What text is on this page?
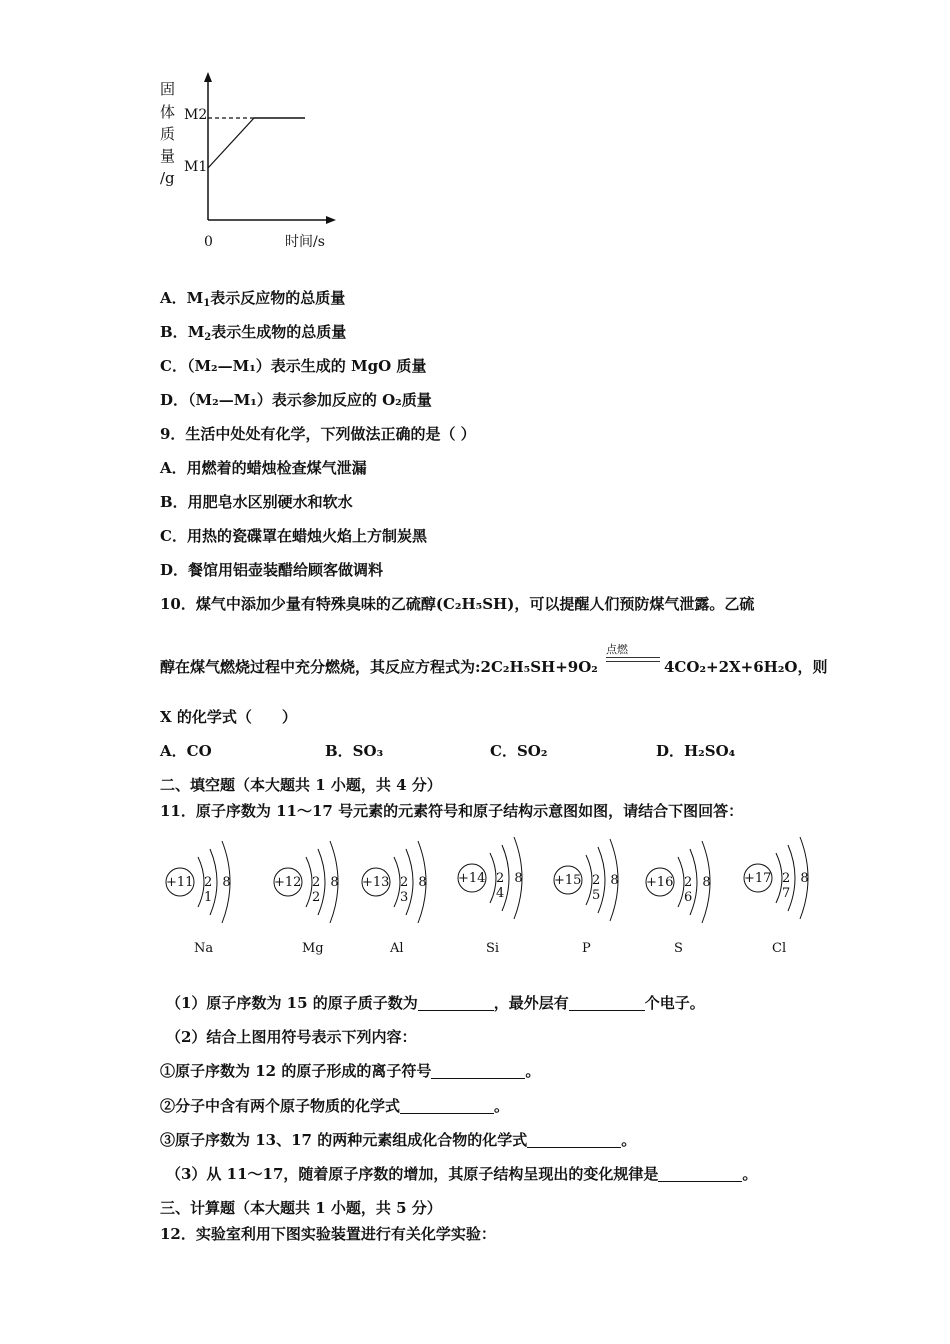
固
体
质
量
/g
M2
M1
0	时间/s
A．$M_1$表示反应物的总质量
B．$M_2$表示生成物的总质量
C．（M₂—M₁）表示生成的 MgO 质量
D．（M₂—M₁）表示参加反应的 O₂质量
9．生活中处处有化学，下列做法正确的是（ ）
A．用燃着的蜡烛检查煤气泄漏
B．用肥皂水区别硬水和软水
C．用热的瓷碟罩在蜡烛火焰上方制炭黑
D．餐馆用铝壶装醋给顾客做调料
10．煤气中添加少量有特殊臭味的乙硫醇(C₂H₅SH)，可以提醒人们预防煤气泄露。乙硫
醇在煤气燃烧过程中充分燃烧，其反应方程式为:2C₂H₅SH+9O₂
点燃
4CO₂+2X+6H₂O，则
X 的化学式（　　）
A．CO	B．SO₃	C．SO₂	D．H₂SO₄
二、填空题（本大题共 1 小题，共 4 分）
11．原子序数为 11～17 号元素的元素符号和原子结构示意图如图，请结合下图回答：
+11 2 8 1
Na
+12 2 8 2
Mg
+13 2 8 3
Al
+14 2 8 4
Si
+15 2 8 5
P
+16 2 8 6
S
+17 2 8 7
Cl
（1）原子序数为 15 的原子质子数为	，最外层有	个电子。
（2）结合上图用符号表示下列内容：
①原子序数为 12 的原子形成的离子符号	。
②分子中含有两个原子物质的化学式	。
③原子序数为 13、17 的两种元素组成化合物的化学式	。
（3）从 11～17，随着原子序数的增加，其原子结构呈现出的变化规律是	。
三、计算题（本大题共 1 小题，共 5 分）
12．实验室利用下图实验装置进行有关化学实验：
